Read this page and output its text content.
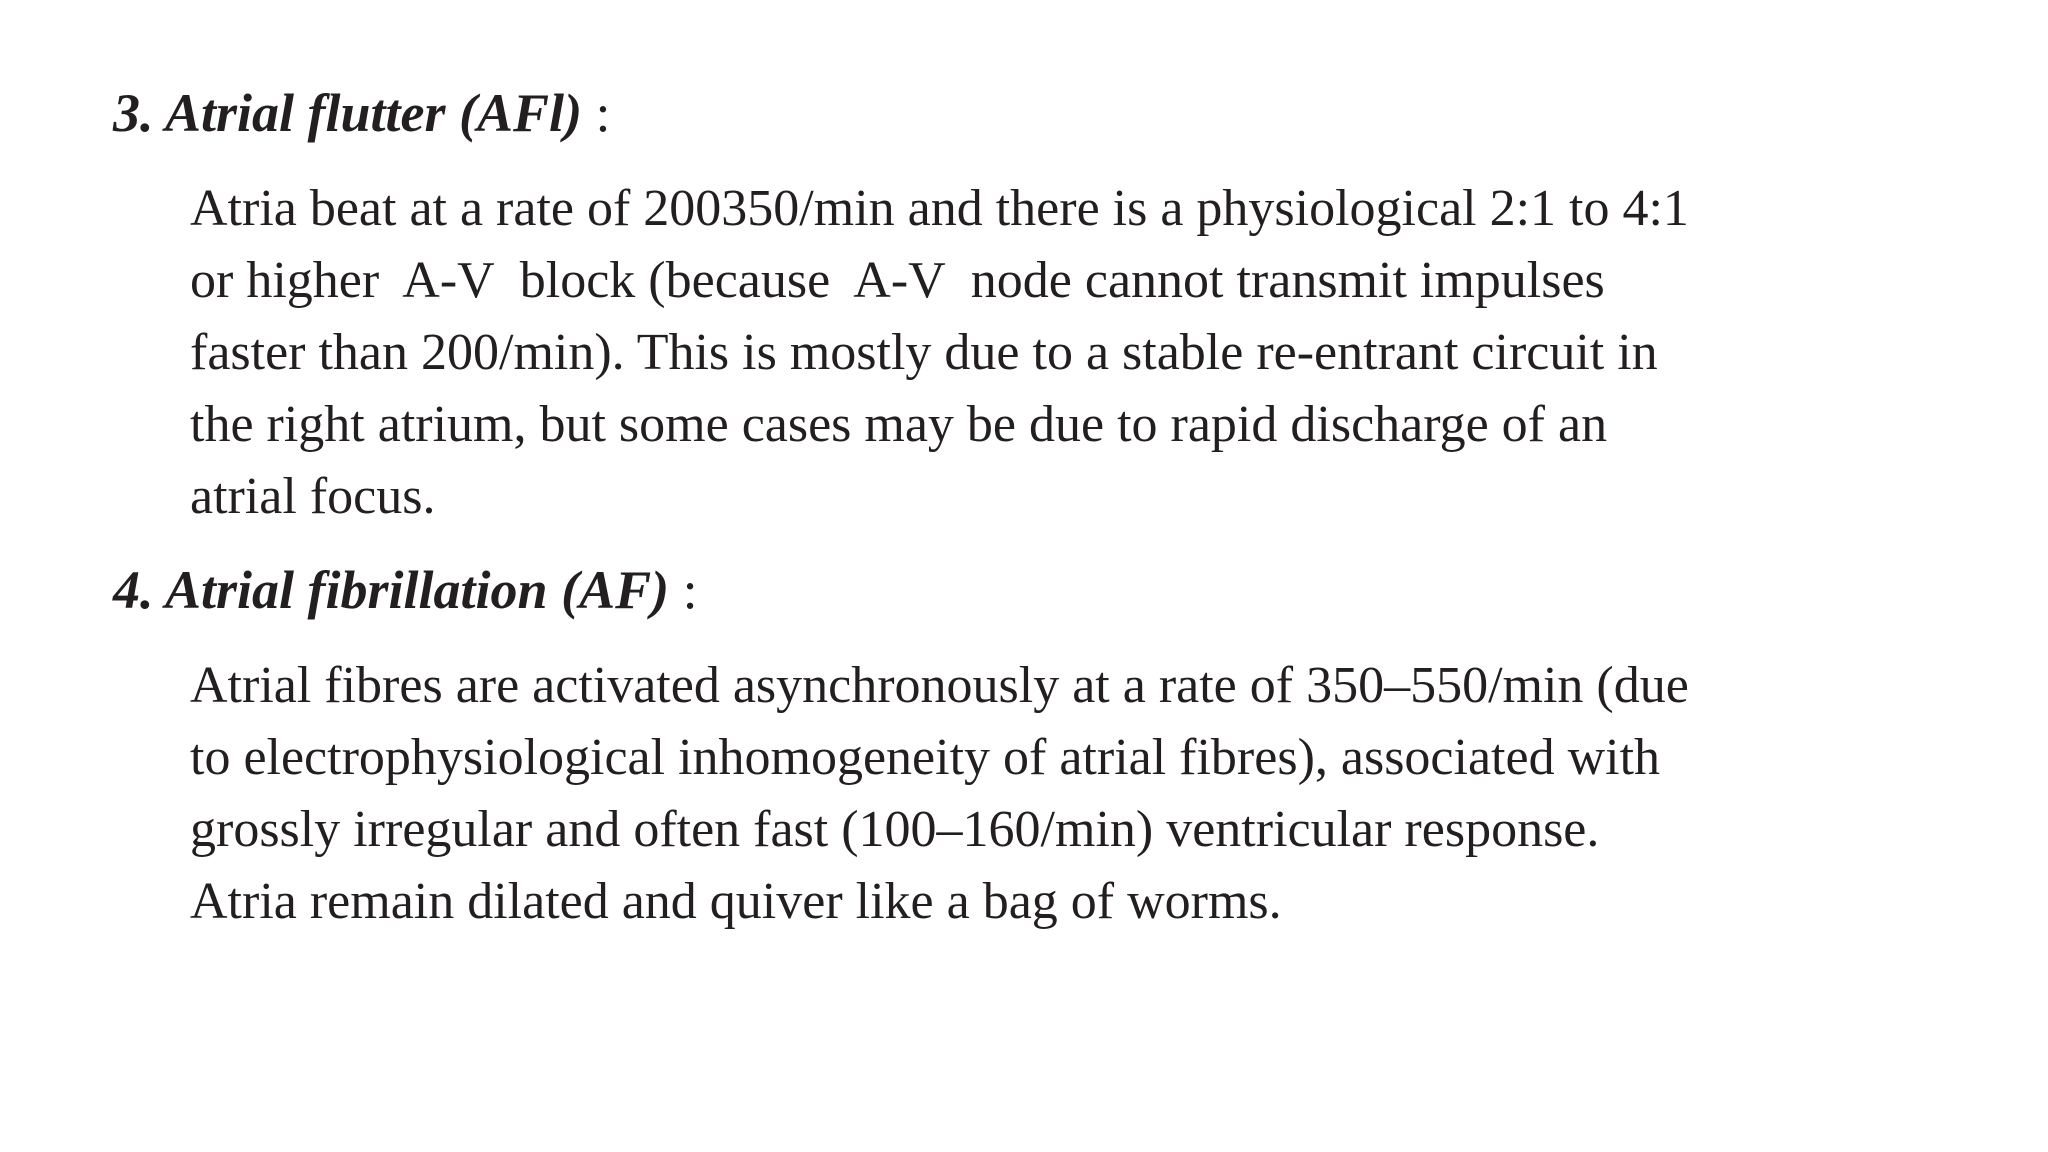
3. Atrial flutter (AFl) :
Atria beat at a rate of 200350/min and there is a physiological 2:1 to 4:1
or higher  A-V  block (because  A-V  node cannot transmit impulses
faster than 200/min). This is mostly due to a stable re-entrant circuit in
the right atrium, but some cases may be due to rapid discharge of an
atrial focus.
4. Atrial fibrillation (AF) :
Atrial fibres are activated asynchronously at a rate of 350–550/min (due
to electrophysiological inhomogeneity of atrial fibres), associated with
grossly irregular and often fast (100–160/min) ventricular response.
Atria remain dilated and quiver like a bag of worms.
